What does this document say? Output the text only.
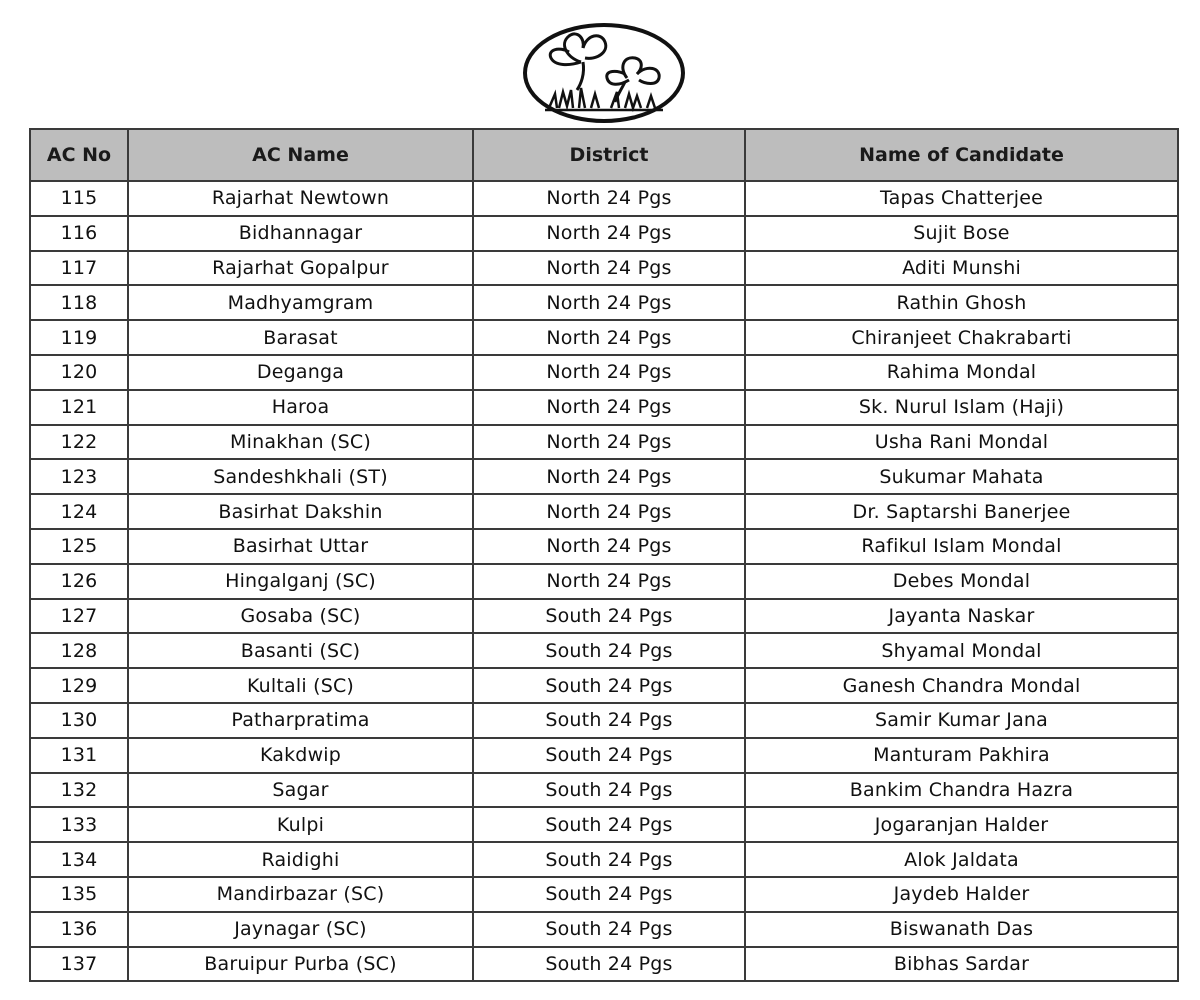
AC No	AC Name	District	Name of Candidate
115	Rajarhat Newtown	North 24 Pgs	Tapas Chatterjee
116	Bidhannagar	North 24 Pgs	Sujit Bose
117	Rajarhat Gopalpur	North 24 Pgs	Aditi Munshi
118	Madhyamgram	North 24 Pgs	Rathin Ghosh
119	Barasat	North 24 Pgs	Chiranjeet Chakrabarti
120	Deganga	North 24 Pgs	Rahima Mondal
121	Haroa	North 24 Pgs	Sk. Nurul Islam (Haji)
122	Minakhan (SC)	North 24 Pgs	Usha Rani Mondal
123	Sandeshkhali (ST)	North 24 Pgs	Sukumar Mahata
124	Basirhat Dakshin	North 24 Pgs	Dr. Saptarshi Banerjee
125	Basirhat Uttar	North 24 Pgs	Rafikul Islam Mondal
126	Hingalganj (SC)	North 24 Pgs	Debes Mondal
127	Gosaba (SC)	South 24 Pgs	Jayanta Naskar
128	Basanti (SC)	South 24 Pgs	Shyamal Mondal
129	Kultali (SC)	South 24 Pgs	Ganesh Chandra Mondal
130	Patharpratima	South 24 Pgs	Samir Kumar Jana
131	Kakdwip	South 24 Pgs	Manturam Pakhira
132	Sagar	South 24 Pgs	Bankim Chandra Hazra
133	Kulpi	South 24 Pgs	Jogaranjan Halder
134	Raidighi	South 24 Pgs	Alok Jaldata
135	Mandirbazar (SC)	South 24 Pgs	Jaydeb Halder
136	Jaynagar (SC)	South 24 Pgs	Biswanath Das
137	Baruipur Purba (SC)	South 24 Pgs	Bibhas Sardar
